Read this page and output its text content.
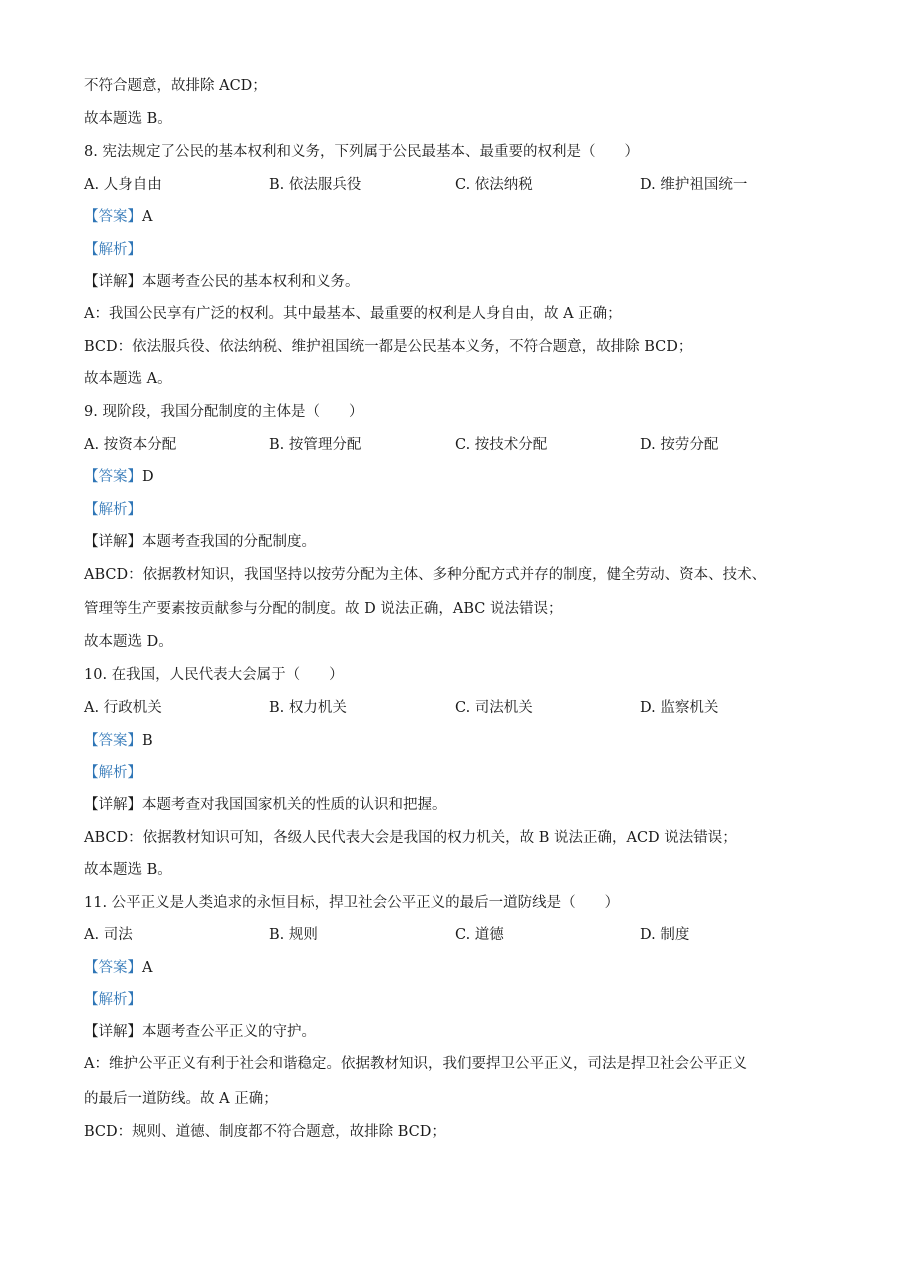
不符合题意，故排除 ACD；
故本题选 B。
8. 宪法规定了公民的基本权利和义务，下列属于公民最基本、最重要的权利是（　　）
A. 人身自由	B. 依法服兵役	C. 依法纳税	D. 维护祖国统一
【答案】A
【解析】
【详解】本题考查公民的基本权利和义务。
A：我国公民享有广泛的权利。其中最基本、最重要的权利是人身自由，故 A 正确；
BCD：依法服兵役、依法纳税、维护祖国统一都是公民基本义务，不符合题意，故排除 BCD；
故本题选 A。
9. 现阶段，我国分配制度的主体是（　　）
A. 按资本分配	B. 按管理分配	C. 按技术分配	D. 按劳分配
【答案】D
【解析】
【详解】本题考查我国的分配制度。
ABCD：依据教材知识，我国坚持以按劳分配为主体、多种分配方式并存的制度，健全劳动、资本、技术、
管理等生产要素按贡献参与分配的制度。故 D 说法正确，ABC 说法错误；
故本题选 D。
10. 在我国，人民代表大会属于（　　）
A. 行政机关	B. 权力机关	C. 司法机关	D. 监察机关
【答案】B
【解析】
【详解】本题考查对我国国家机关的性质的认识和把握。
ABCD：依据教材知识可知，各级人民代表大会是我国的权力机关，故 B 说法正确，ACD 说法错误；
故本题选 B。
11. 公平正义是人类追求的永恒目标，捍卫社会公平正义的最后一道防线是（　　）
A. 司法	B. 规则	C. 道德	D. 制度
【答案】A
【解析】
【详解】本题考查公平正义的守护。
A：维护公平正义有利于社会和谐稳定。依据教材知识，我们要捍卫公平正义，司法是捍卫社会公平正义
的最后一道防线。故 A 正确；
BCD：规则、道德、制度都不符合题意，故排除 BCD；
